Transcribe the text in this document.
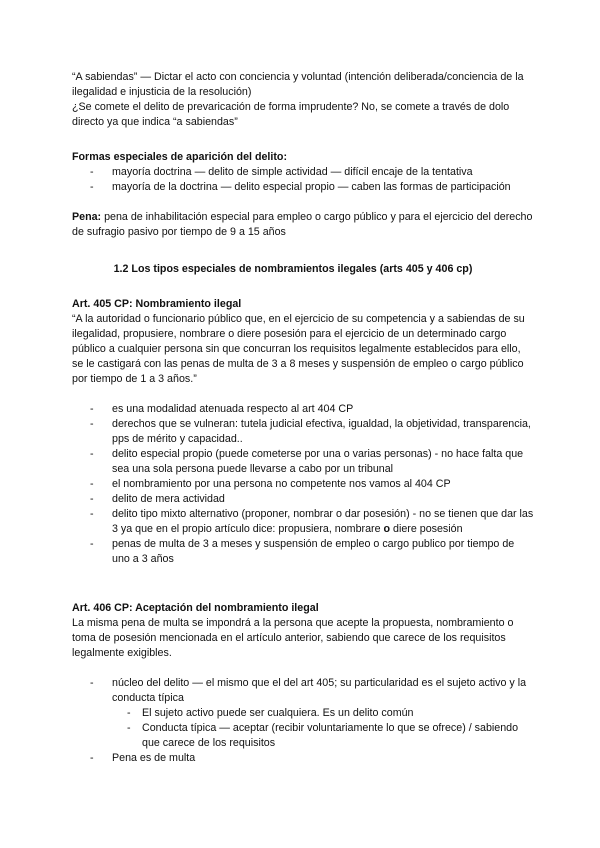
“A sabiendas” — Dictar el acto con conciencia y voluntad (intención deliberada/conciencia de la ilegalidad e injusticia de la resolución)

¿Se comete el delito de prevaricación de forma imprudente? No, se comete a través de dolo directo ya que indica “a sabiendas”

Formas especiales de aparición del delito:

- mayoría doctrina — delito de simple actividad — difícil encaje de la tentativa
- mayoría de la doctrina — delito especial propio — caben las formas de participación

Pena: pena de inhabilitación especial para empleo o cargo público y para el ejercicio del derecho de sufragio pasivo por tiempo de 9 a 15 años

1.2 Los tipos especiales de nombramientos ilegales (arts 405 y 406 cp)

Art. 405 CP: Nombramiento ilegal

“A la autoridad o funcionario público que, en el ejercicio de su competencia y a sabiendas de su ilegalidad, propusiere, nombrare o diere posesión para el ejercicio de un determinado cargo público a cualquier persona sin que concurran los requisitos legalmente establecidos para ello, se le castigará con las penas de multa de 3 a 8 meses y suspensión de empleo o cargo público por tiempo de 1 a 3 años.”

- es una modalidad atenuada respecto al art 404 CP
- derechos que se vulneran: tutela judicial efectiva, igualdad, la objetividad, transparencia, pps de mérito y capacidad..
- delito especial propio (puede cometerse por una o varias personas) - no hace falta que sea una sola persona puede llevarse a cabo por un tribunal
- el nombramiento por una persona no competente nos vamos al 404 CP
- delito de mera actividad
- delito tipo mixto alternativo (proponer, nombrar o dar posesión) - no se tienen que dar las 3 ya que en el propio artículo dice: propusiera, nombrare o diere posesión
- penas de multa de 3 a meses y suspensión de empleo o cargo publico por tiempo de uno a 3 años

Art. 406 CP: Aceptación del nombramiento ilegal

La misma pena de multa se impondrá a la persona que acepte la propuesta, nombramiento o toma de posesión mencionada en el artículo anterior, sabiendo que carece de los requisitos legalmente exigibles.

- núcleo del delito — el mismo que el del art 405; su particularidad es el sujeto activo y la conducta típica
- El sujeto activo puede ser cualquiera. Es un delito común
- Conducta típica — aceptar (recibir voluntariamente lo que se ofrece) / sabiendo que carece de los requisitos
- Pena es de multa
